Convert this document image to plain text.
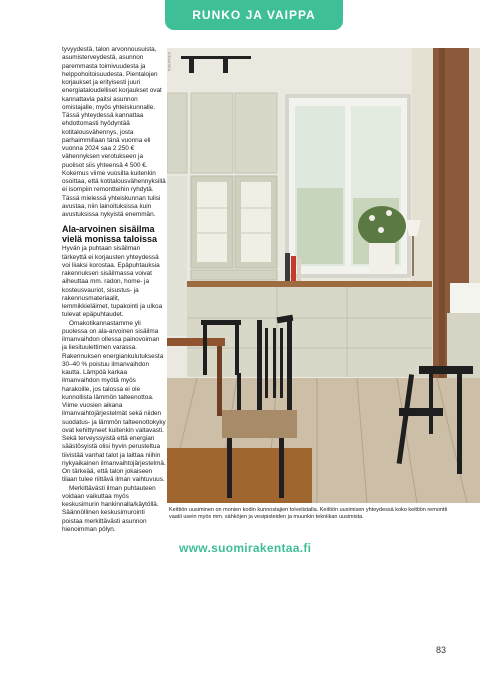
RUNKO JA VAIPPA

tyvyydestä, talon arvonnousuista, asumisterveydestä, asunnon paremmasta toimivuudesta ja helppohoitoisuudesta. Pientalojen korjaukset ja erityisesti juuri energiataloudelliset korjaukset ovat kannattavia paitsi asunnon omistajalle, myös yhteiskunnalle. Tässä yhteydessä kannattaa ehdottomasti hyödyntää kotitalousvähennys, josta parhaimmillaan tänä vuonna eli vuonna 2024 saa 2 250 € vähennyksen verotukseen ja puolisot siis yhteensä 4 500 €. Kokemus viime vuosilta kuitenkin osoittaa, että kotitalousvähennyksillä ei isompiin remontteihin ryhdytä. Tässä mielessä yhteiskunnan tulisi avustaa, niin lainoituksissa kuin avustuksissa nykyistä enemmän.

Ala-arvoinen sisäilma vielä monissa taloissa

Hyvän ja puhtaan sisäilman tärkeyttä ei korjausten yhteydessä voi liiaksi korostaa. Epäpuhtauksia rakennuksen sisäilmassa voivat aiheuttaa mm. radon, home- ja kosteusvauriot, sisustus- ja rakennusmateriaalit, lemmikkieläimet, tupakointi ja ulkoa tulevat epäpuhtaudet.

Omakotikannastamme yli puolessa on ala-arvoinen sisäilma ilmanvaihdon ollessa painovoiman ja liesituulettimen varassa. Rakennuksen energiankulutuksesta 30–40 % poistuu ilmanvaihdon kautta. Lämpöä karkaa ilmanvaihdon myötä myös harakoille, jos talossa ei ole kunnollista lämmön talteenottoa. Viime vuosien aikana ilmanvaihtojärjestelmät sekä niiden suodatus- ja lämmön talteenottokyky ovat kehittyneet kuitenkin valtavasti. Sekä terveyssyistä että energian säästösyistä olisi hyvin perusteltua tiivistää vanhat talot ja laittaa niihin nykyaikainen ilmanvaihtojärjestelmä. On tärkeää, että talon jokaiseen tilaan tulee riittävä ilman vaihtuvuus.

Merkittävästi ilman puhtauteen voidaan vaikuttaa myös keskusimurin hankinnalla/käytöllä. Säännöllinen keskusimurointi poistaa merkittävästi asunnon hienoimman pölyn.

IKEA/ISEA
Keittiön uusiminen on monien kodin kunnostajien toivelistalla. Keittiön uusimisen yhteydessä koko keittiön remontti vaatii usein myös mm. sähköjen ja vesipisteiden ja muunkin tekniikan uusimista.
www.suomirakentaa.fi
83
